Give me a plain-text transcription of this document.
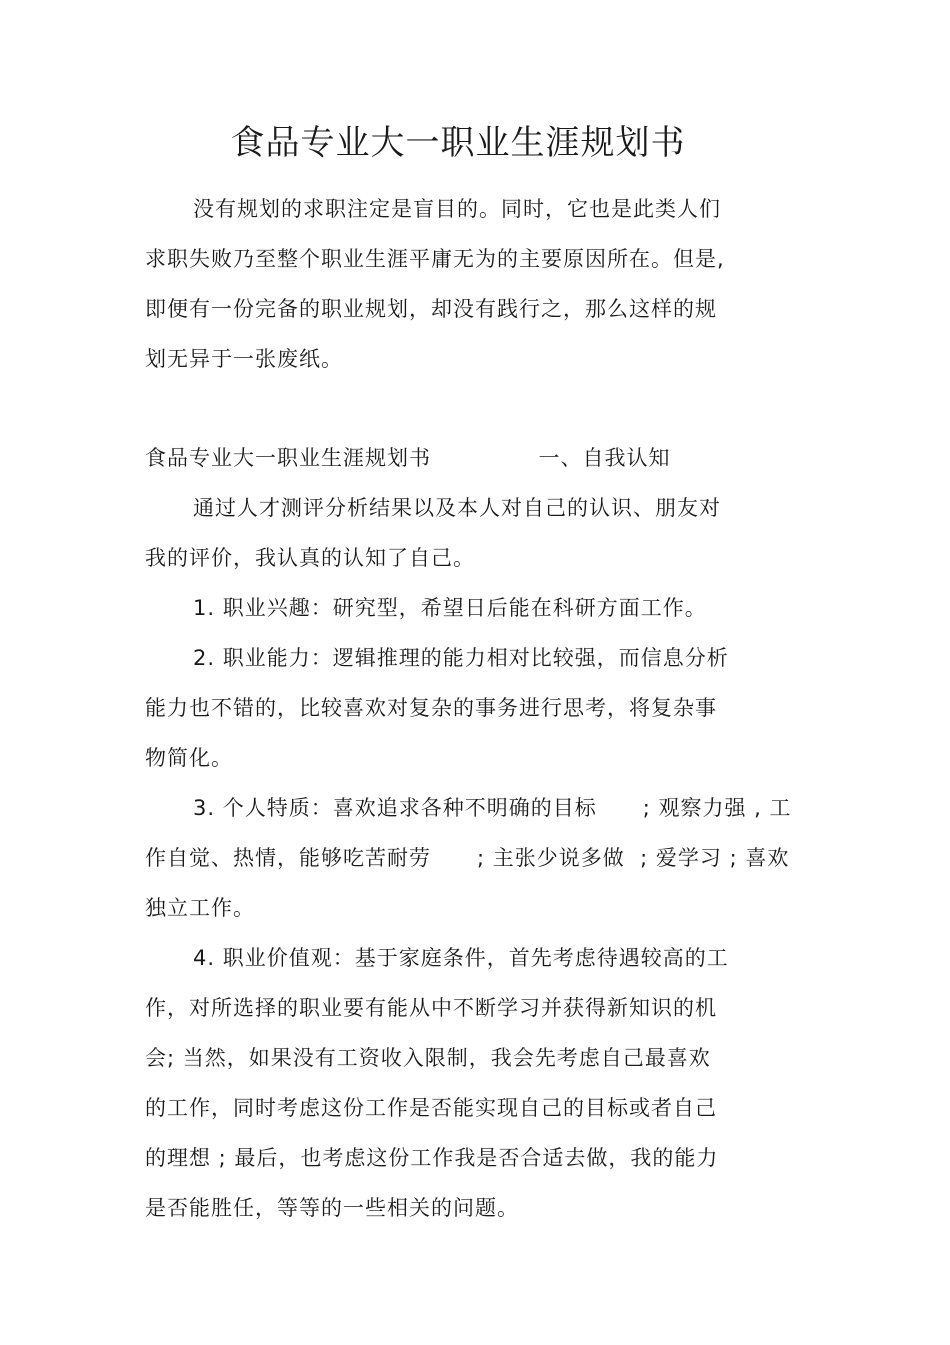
食品专业大一职业生涯规划书
没有规划的求职注定是盲目的。同时，它也是此类人们
求职失败乃至整个职业生涯平庸无为的主要原因所在。但是,
即便有一份完备的职业规划，却没有践行之，那么这样的规
划无异于一张废纸。
食品专业大一职业生涯规划书              一、自我认知
通过人才测评分析结果以及本人对自己的认识、朋友对
我的评价，我认真的认知了自己。
1. 职业兴趣：研究型，希望日后能在科研方面工作。
2. 职业能力：逻辑推理的能力相对比较强，而信息分析
能力也不错的，比较喜欢对复杂的事务进行思考，将复杂事
物简化。
3. 个人特质：喜欢追求各种不明确的目标      ; 观察力强 , 工
作自觉、热情，能够吃苦耐劳      ; 主张少说多做  ; 爱学习 ; 喜欢
独立工作。
4. 职业价值观：基于家庭条件，首先考虑待遇较高的工
作，对所选择的职业要有能从中不断学习并获得新知识的机
会; 当然，如果没有工资收入限制，我会先考虑自己最喜欢
的工作，同时考虑这份工作是否能实现自己的目标或者自己
的理想 ; 最后，也考虑这份工作我是否合适去做，我的能力
是否能胜任，等等的一些相关的问题。
